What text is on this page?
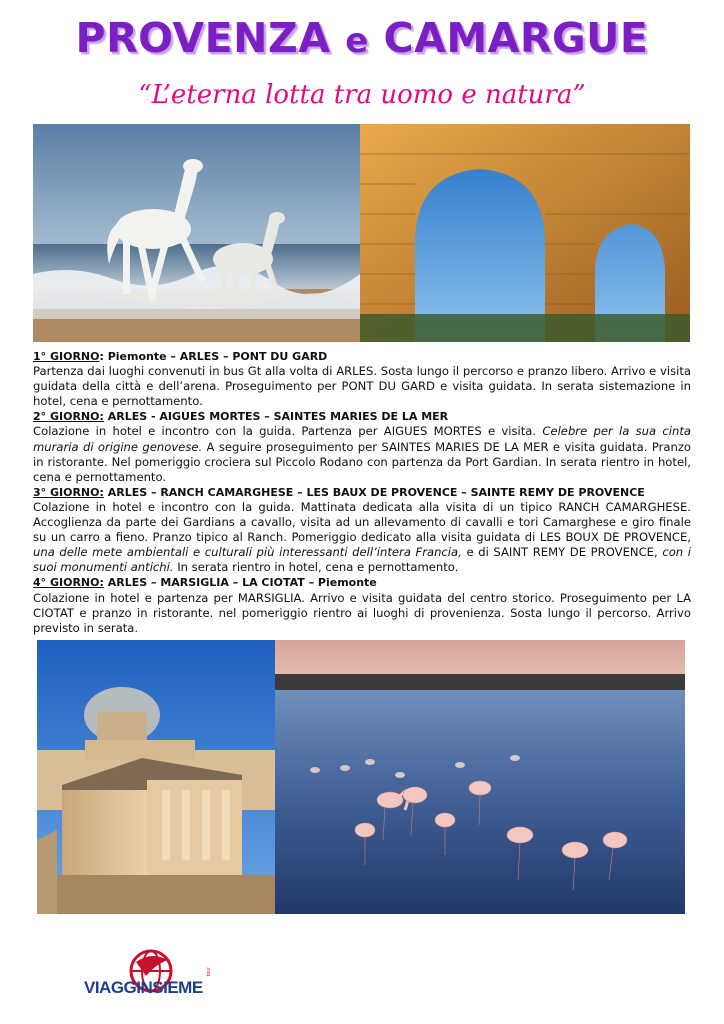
PROVENZA e CAMARGUE
“L’eterna lotta tra uomo e natura”
1° GIORNO: Piemonte – ARLES – PONT DU GARD

Partenza dai luoghi convenuti in bus Gt alla volta di ARLES. Sosta lungo il percorso e pranzo libero. Arrivo e visita guidata della città e dell’arena. Proseguimento per PONT DU GARD e visita guidata. In serata sistemazione in hotel, cena e pernottamento.

2° GIORNO: ARLES - AIGUES MORTES – SAINTES MARIES DE LA MER

Colazione in hotel e incontro con la guida. Partenza per AIGUES MORTES e visita. Celebre per la sua cinta muraria di origine genovese. A seguire proseguimento per SAINTES MARIES DE LA MER e visita guidata. Pranzo in ristorante. Nel pomeriggio crociera sul Piccolo Rodano con partenza da Port Gardian. In serata rientro in hotel, cena e pernottamento.

3° GIORNO: ARLES – RANCH CAMARGHESE – LES BAUX DE PROVENCE – SAINTE REMY DE PROVENCE

Colazione in hotel e incontro con la guida. Mattinata dedicata alla visita di un tipico RANCH CAMARGHESE. Accoglienza da parte dei Gardians a cavallo, visita ad un allevamento di cavalli e tori Camarghese e giro finale su un carro a fieno. Pranzo tipico al Ranch. Pomeriggio dedicato alla visita guidata di LES BOUX DE PROVENCE, una delle mete ambientali e culturali più interessanti dell’intera Francia, e di SAINT REMY DE PROVENCE, con i suoi monumenti antichi. In serata rientro in hotel, cena e pernottamento.

4° GIORNO: ARLES – MARSIGLIA – LA CIOTAT – Piemonte

Colazione in hotel e partenza per MARSIGLIA. Arrivo e visita guidata del centro storico. Proseguimento per LA CIOTAT e pranzo in ristorante. nel pomeriggio rientro ai luoghi di provenienza. Sosta lungo il percorso. Arrivo previsto in serata.

VIAGGINSIEME
tour
